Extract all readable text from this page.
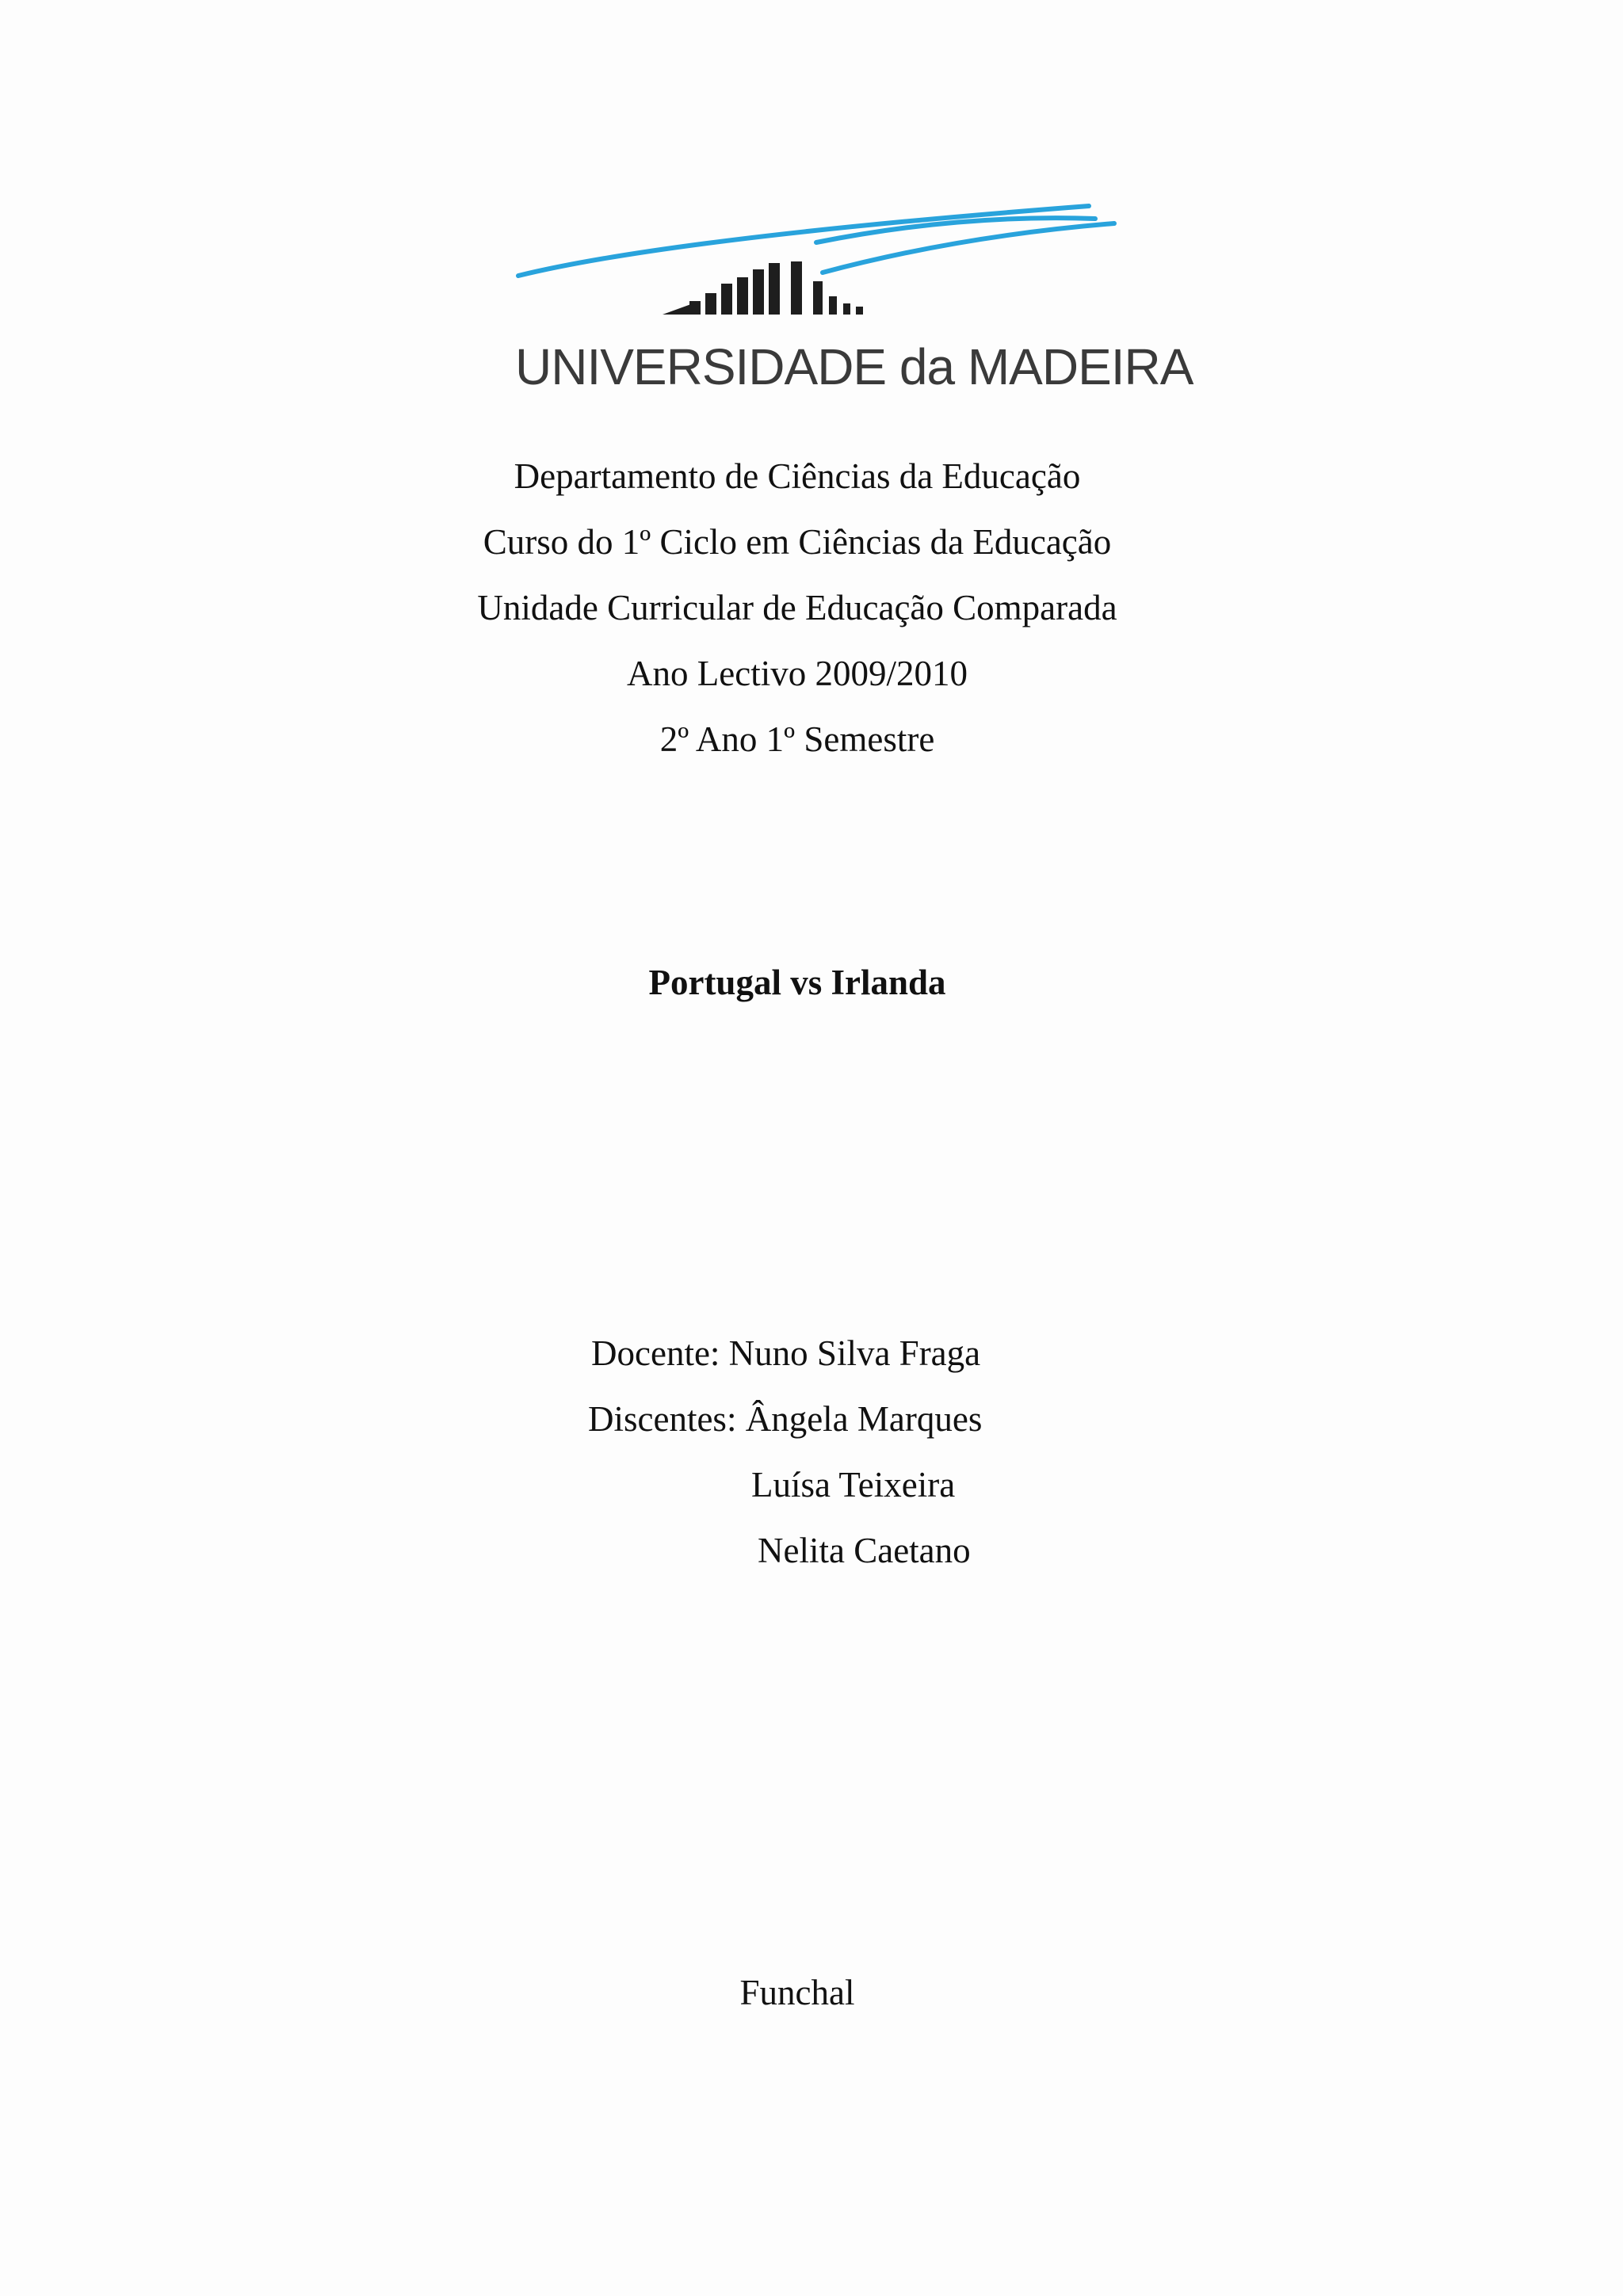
UNIVERSIDADE da MADEIRA
Departamento de Ciências da Educação
Curso do 1º Ciclo em Ciências da Educação
Unidade Curricular de Educação Comparada
Ano Lectivo 2009/2010
2º Ano 1º Semestre
Portugal vs Irlanda
Docente: Nuno Silva Fraga
Discentes: Ângela Marques
Luísa Teixeira
Nelita Caetano
Funchal
